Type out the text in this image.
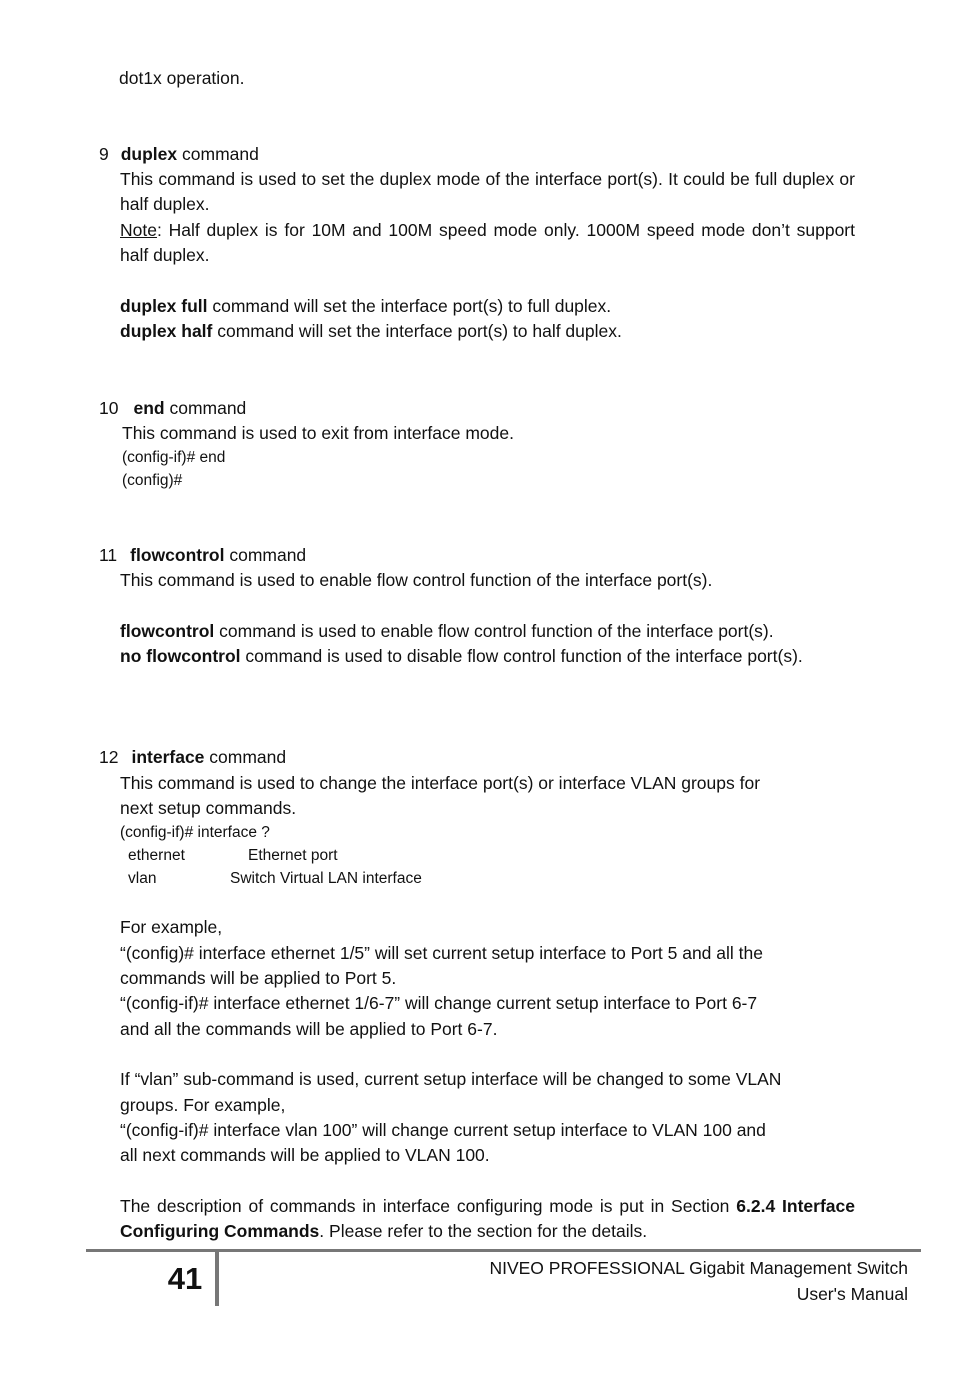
dot1x operation.
9 duplex command
This command is used to set the duplex mode of the interface port(s). It could be full duplex or half duplex.
Note: Half duplex is for 10M and 100M speed mode only. 1000M speed mode don’t support half duplex.
duplex full command will set the interface port(s) to full duplex.
duplex half command will set the interface port(s) to half duplex.
10 end command
This command is used to exit from interface mode.
(config-if)# end
(config)#
11 flowcontrol command
This command is used to enable flow control function of the interface port(s).
flowcontrol command is used to enable flow control function of the interface port(s).
no flowcontrol command is used to disable flow control function of the interface port(s).
12 interface command
This command is used to change the interface port(s) or interface VLAN groups for
next setup commands.
(config-if)# interface ?
ethernet	Ethernet port
vlan	Switch Virtual LAN interface
For example,
“(config)# interface ethernet 1/5” will set current setup interface to Port 5 and all the
commands will be applied to Port 5.
“(config-if)# interface ethernet 1/6-7” will change current setup interface to Port 6-7
and all the commands will be applied to Port 6-7.
If “vlan” sub-command is used, current setup interface will be changed to some VLAN
groups. For example,
“(config-if)# interface vlan 100” will change current setup interface to VLAN 100 and
all next commands will be applied to VLAN 100.
The description of commands in interface configuring mode is put in Section 6.2.4 Interface Configuring Commands. Please refer to the section for the details.
41	NIVEO PROFESSIONAL Gigabit Management Switch
User's Manual
